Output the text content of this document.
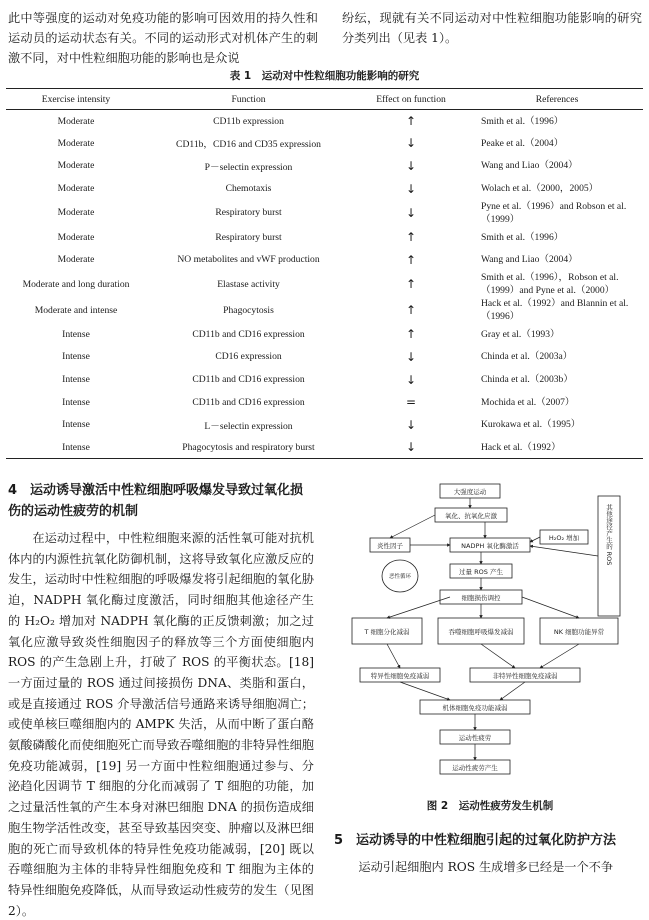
此中等强度的运动对免疫功能的影响可因效用的持久性和运动员的运动状态有关。不同的运动形式对机体产生的刺激不同，对中性粒细胞功能的影响也是众说

纷纭，现就有关不同运动对中性粒细胞功能影响的研究分类列出（见表 1）。

表 1　运动对中性粒细胞功能影响的研究
Exercise intensity	Function	Effect on function	References
Moderate	CD11b expression	↑	Smith et al.（1996）
Moderate	CD11b，CD16 and CD35 expression	↓	Peake et al.（2004）
Moderate	P－selectin expression	↓	Wang and Liao（2004）
Moderate	Chemotaxis	↓	Wolach et al.（2000，2005）
Moderate	Respiratory burst	↓	Pyne et al.（1996）and Robson et al.（1999）
Moderate	Respiratory burst	↑	Smith et al.（1996）
Moderate	NO metabolites and vWF production	↑	Wang and Liao（2004）
Moderate and long duration	Elastase activity	↑	Smith et al.（1996），Robson et al.（1999）and Pyne et al.（2000）
Moderate and intense	Phagocytosis	↑	Hack et al.（1992）and Blannin et al.（1996）
Intense	CD11b and CD16 expression	↑	Gray et al.（1993）
Intense	CD16 expression	↓	Chinda et al.（2003a）
Intense	CD11b and CD16 expression	↓	Chinda et al.（2003b）
Intense	CD11b and CD16 expression	=	Mochida et al.（2007）
Intense	L－selectin expression	↓	Kurokawa et al.（1995）
Intense	Phagocytosis and respiratory burst	↓	Hack et al.（1992）
4　运动诱导激活中性粒细胞呼吸爆发导致过氧化损伤的运动性疲劳的机制

在运动过程中，中性粒细胞来源的活性氧可能对抗机体内的内源性抗氧化防御机制，这将导致氧化应激反应的发生，运动时中性粒细胞的呼吸爆发将引起细胞的氧化胁迫，NADPH 氧化酶过度激活，同时细胞其他途径产生的 H₂O₂ 增加对 NADPH 氧化酶的正反馈刺激；加之过氧化应激导致炎性细胞因子的释放等三个方面使细胞内 ROS 的产生急剧上升，打破了 ROS 的平衡状态。[18] 一方面过量的 ROS 通过间接损伤 DNA、类脂和蛋白，或是直接通过 ROS 介导激活信号通路来诱导细胞凋亡；或使单核巨噬细胞内的 AMPK 失活，从而中断了蛋白酪氨酸磷酸化而使细胞死亡而导致吞噬细胞的非特异性细胞免疫功能减弱，[19] 另一方面中性粒细胞通过参与、分泌趋化因调节 T 细胞的分化而减弱了 T 细胞的功能，加之过量活性氧的产生本身对淋巴细胞 DNA 的损伤造成细胞生物学活性改变，甚至导致基因突变、肿瘤以及淋巴细胞的死亡而导致机体的特异性免疫功能减弱，[20] 既以吞噬细胞为主体的非特异性细胞免疫和 T 细胞为主体的特异性细胞免疫降低，从而导致运动性疲劳的发生（见图 2）。

大强度运动
氧化、抗氧化应激
H₂O₂ 增加	其他途径产生的 ROS
炎性因子	NADPH 氧化酶激活
过量 ROS 产生
恶性循环
细胞损伤调控
T 细胞分化减弱	吞噬细胞呼吸爆发减弱	NK 细胞功能异常
特异性细胞免疫减弱	非特异性细胞免疫减弱
机体细胞免疫功能减弱
运动性疲劳
运动性疲劳产生
图 2　运动性疲劳发生机制
5　运动诱导的中性粒细胞引起的过氧化防护方法

运动引起细胞内 ROS 生成增多已经是一个不争
